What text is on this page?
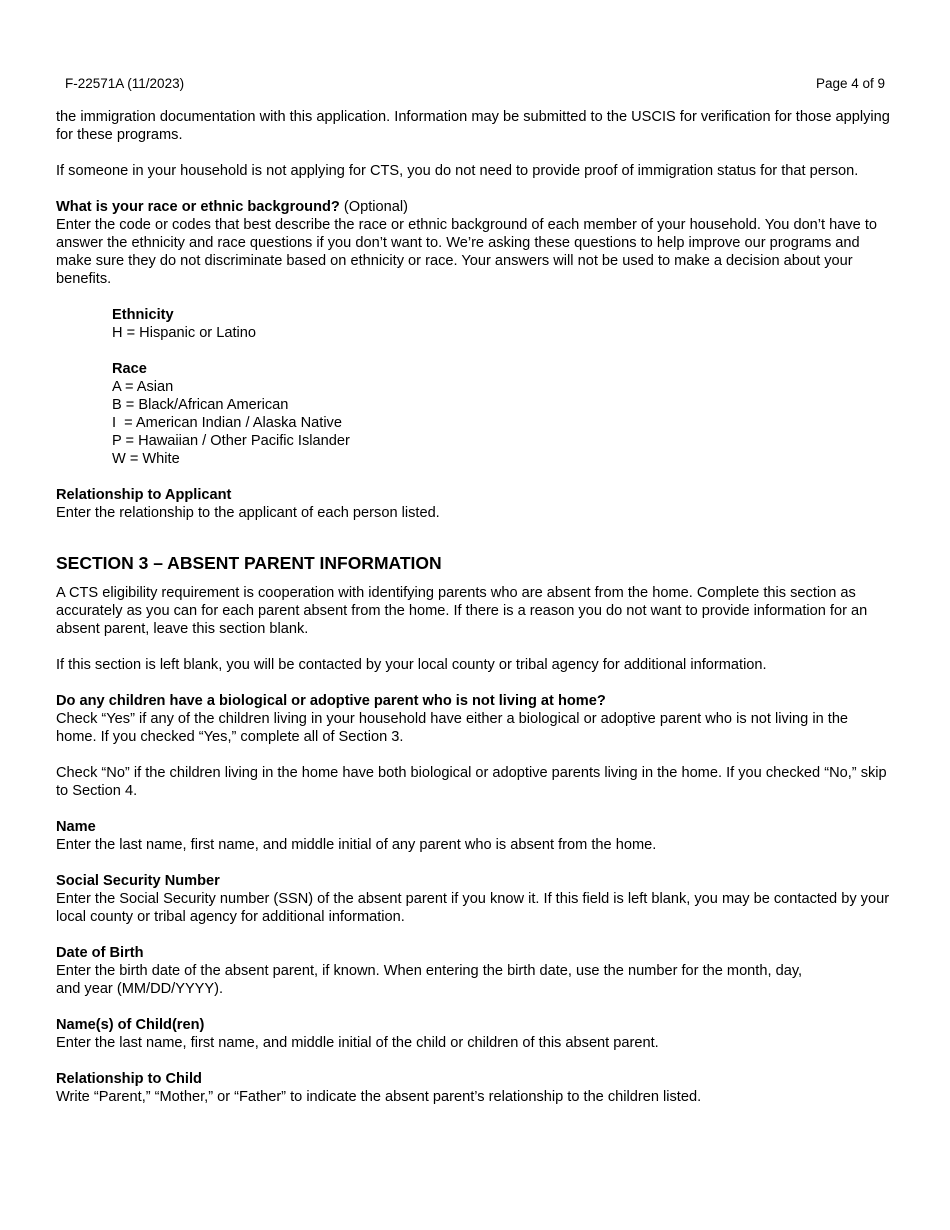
F-22571A (11/2023)	Page 4 of 9

the immigration documentation with this application. Information may be submitted to the USCIS for verification for those applying for these programs.

If someone in your household is not applying for CTS, you do not need to provide proof of immigration status for that person.

What is your race or ethnic background? (Optional)

Enter the code or codes that best describe the race or ethnic background of each member of your household. You don’t have to answer the ethnicity and race questions if you don’t want to. We’re asking these questions to help improve our programs and make sure they do not discriminate based on ethnicity or race. Your answers will not be used to make a decision about your benefits.

Ethnicity

H = Hispanic or Latino

Race

A = Asian

B = Black/African American

I  = American Indian / Alaska Native

P = Hawaiian / Other Pacific Islander

W = White

Relationship to Applicant

Enter the relationship to the applicant of each person listed.

SECTION 3 – ABSENT PARENT INFORMATION

A CTS eligibility requirement is cooperation with identifying parents who are absent from the home. Complete this section as accurately as you can for each parent absent from the home. If there is a reason you do not want to provide information for an absent parent, leave this section blank.

If this section is left blank, you will be contacted by your local county or tribal agency for additional information.

Do any children have a biological or adoptive parent who is not living at home?

Check “Yes” if any of the children living in your household have either a biological or adoptive parent who is not living in the home. If you checked “Yes,” complete all of Section 3.

Check “No” if the children living in the home have both biological or adoptive parents living in the home. If you checked “No,” skip to Section 4.

Name

Enter the last name, first name, and middle initial of any parent who is absent from the home.

Social Security Number

Enter the Social Security number (SSN) of the absent parent if you know it. If this field is left blank, you may be contacted by your local county or tribal agency for additional information.

Date of Birth

Enter the birth date of the absent parent, if known. When entering the birth date, use the number for the month, day,

and year (MM/DD/YYYY).

Name(s) of Child(ren)

Enter the last name, first name, and middle initial of the child or children of this absent parent.

Relationship to Child

Write “Parent,” “Mother,” or “Father” to indicate the absent parent’s relationship to the children listed.
